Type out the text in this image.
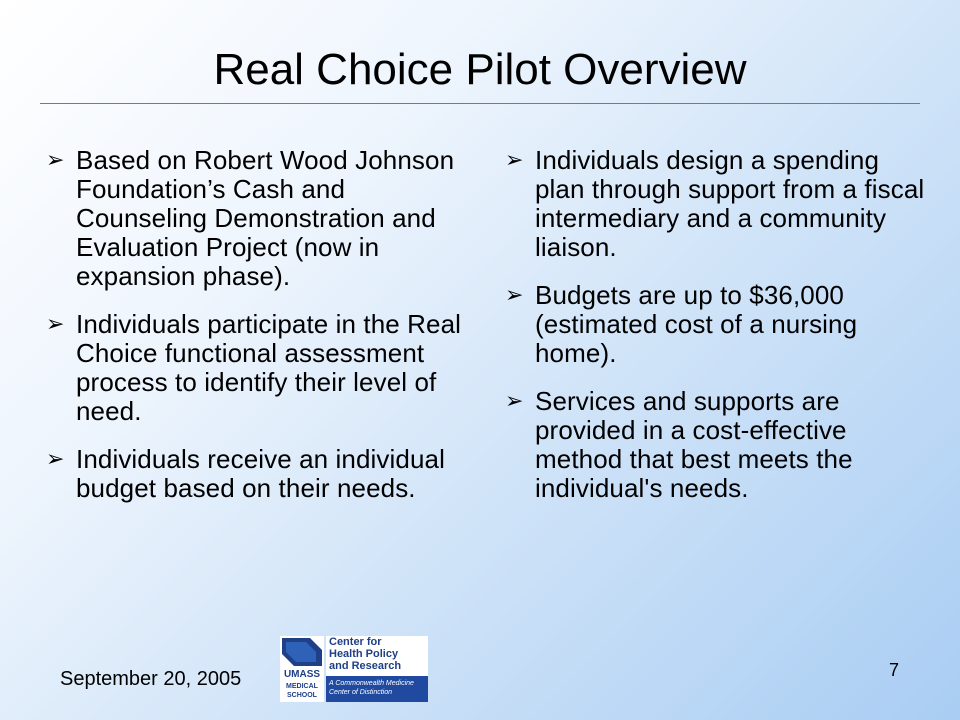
Real Choice Pilot Overview
➢ Based on Robert Wood Johnson Foundation’s Cash and Counseling Demonstration and Evaluation Project (now in expansion phase).
➢ Individuals participate in the Real Choice functional assessment process to identify their level of need.
➢ Individuals receive an individual budget based on their needs.
➢ Individuals design a spending plan through support from a fiscal intermediary and a community liaison.
➢ Budgets are up to $36,000 (estimated cost of a nursing home).
➢ Services and supports are provided in a cost-effective method that best meets the individual's needs.
September 20, 2005	7
UMASS
MEDICAL
SCHOOL
Center for
Health Policy
and Research
A Commonwealth Medicine
Center of Distinction
